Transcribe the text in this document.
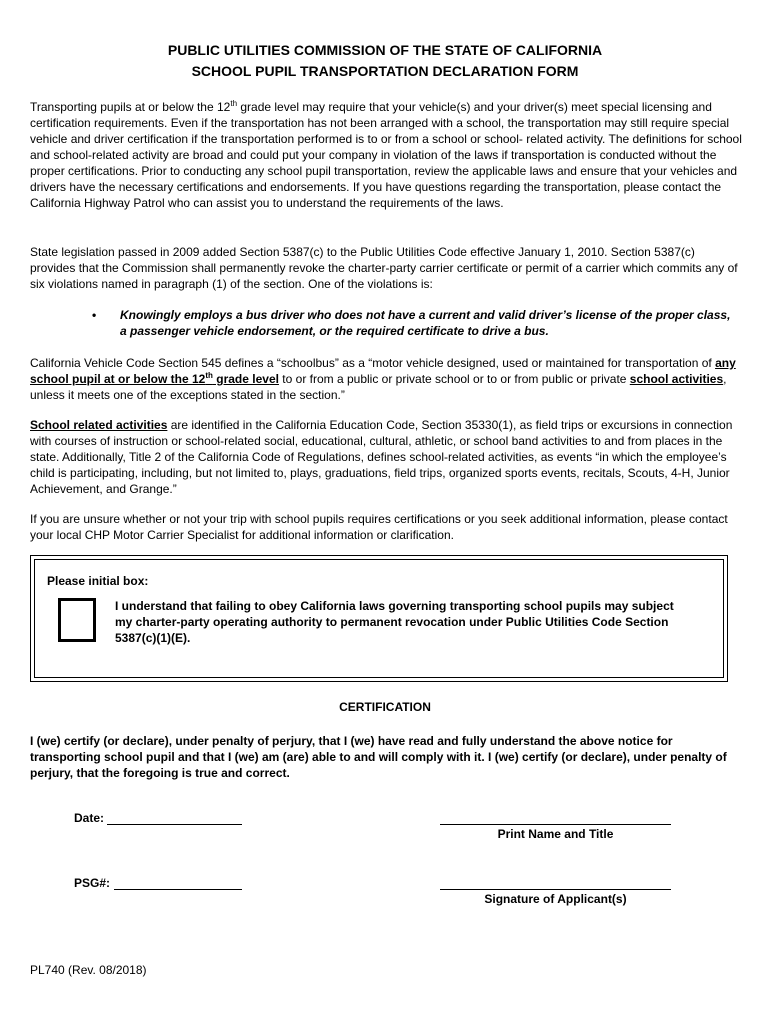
PUBLIC UTILITIES COMMISSION OF THE STATE OF CALIFORNIA
SCHOOL PUPIL TRANSPORTATION DECLARATION FORM

Transporting pupils at or below the 12th grade level may require that your vehicle(s) and your driver(s) meet special licensing and certification requirements. Even if the transportation has not been arranged with a school, the transportation may still require special vehicle and driver certification if the transportation performed is to or from a school or school- related activity. The definitions for school and school-related activity are broad and could put your company in violation of the laws if transportation is conducted without the proper certifications. Prior to conducting any school pupil transportation, review the applicable laws and ensure that your vehicles and drivers have the necessary certifications and endorsements. If you have questions regarding the transportation, please contact the California Highway Patrol who can assist you to understand the requirements of the laws.

State legislation passed in 2009 added Section 5387(c) to the Public Utilities Code effective January 1, 2010. Section 5387(c) provides that the Commission shall permanently revoke the charter-party carrier certificate or permit of a carrier which commits any of six violations named in paragraph (1) of the section. One of the violations is:

• Knowingly employs a bus driver who does not have a current and valid driver’s license of the proper class, a passenger vehicle endorsement, or the required certificate to drive a bus.

California Vehicle Code Section 545 defines a “schoolbus” as a “motor vehicle designed, used or maintained for transportation of any school pupil at or below the 12th grade level to or from a public or private school or to or from public or private school activities, unless it meets one of the exceptions stated in the section.”

School related activities are identified in the California Education Code, Section 35330(1), as field trips or excursions in connection with courses of instruction or school-related social, educational, cultural, athletic, or school band activities to and from places in the state. Additionally, Title 2 of the California Code of Regulations, defines school-related activities, as events “in which the employee’s child is participating, including, but not limited to, plays, graduations, field trips, organized sports events, recitals, Scouts, 4-H, Junior Achievement, and Grange.”

If you are unsure whether or not your trip with school pupils requires certifications or you seek additional information, please contact your local CHP Motor Carrier Specialist for additional information or clarification.

Please initial box:
I understand that failing to obey California laws governing transporting school pupils may subject my charter-party operating authority to permanent revocation under Public Utilities Code Section 5387(c)(1)(E).
CERTIFICATION
I (we) certify (or declare), under penalty of perjury, that I (we) have read and fully understand the above notice for transporting school pupil and that I (we) am (are) able to and will comply with it. I (we) certify (or declare), under penalty of perjury, that the foregoing is true and correct.
Date:
Print Name and Title
PSG#:
Signature of Applicant(s)
PL740 (Rev. 08/2018)
